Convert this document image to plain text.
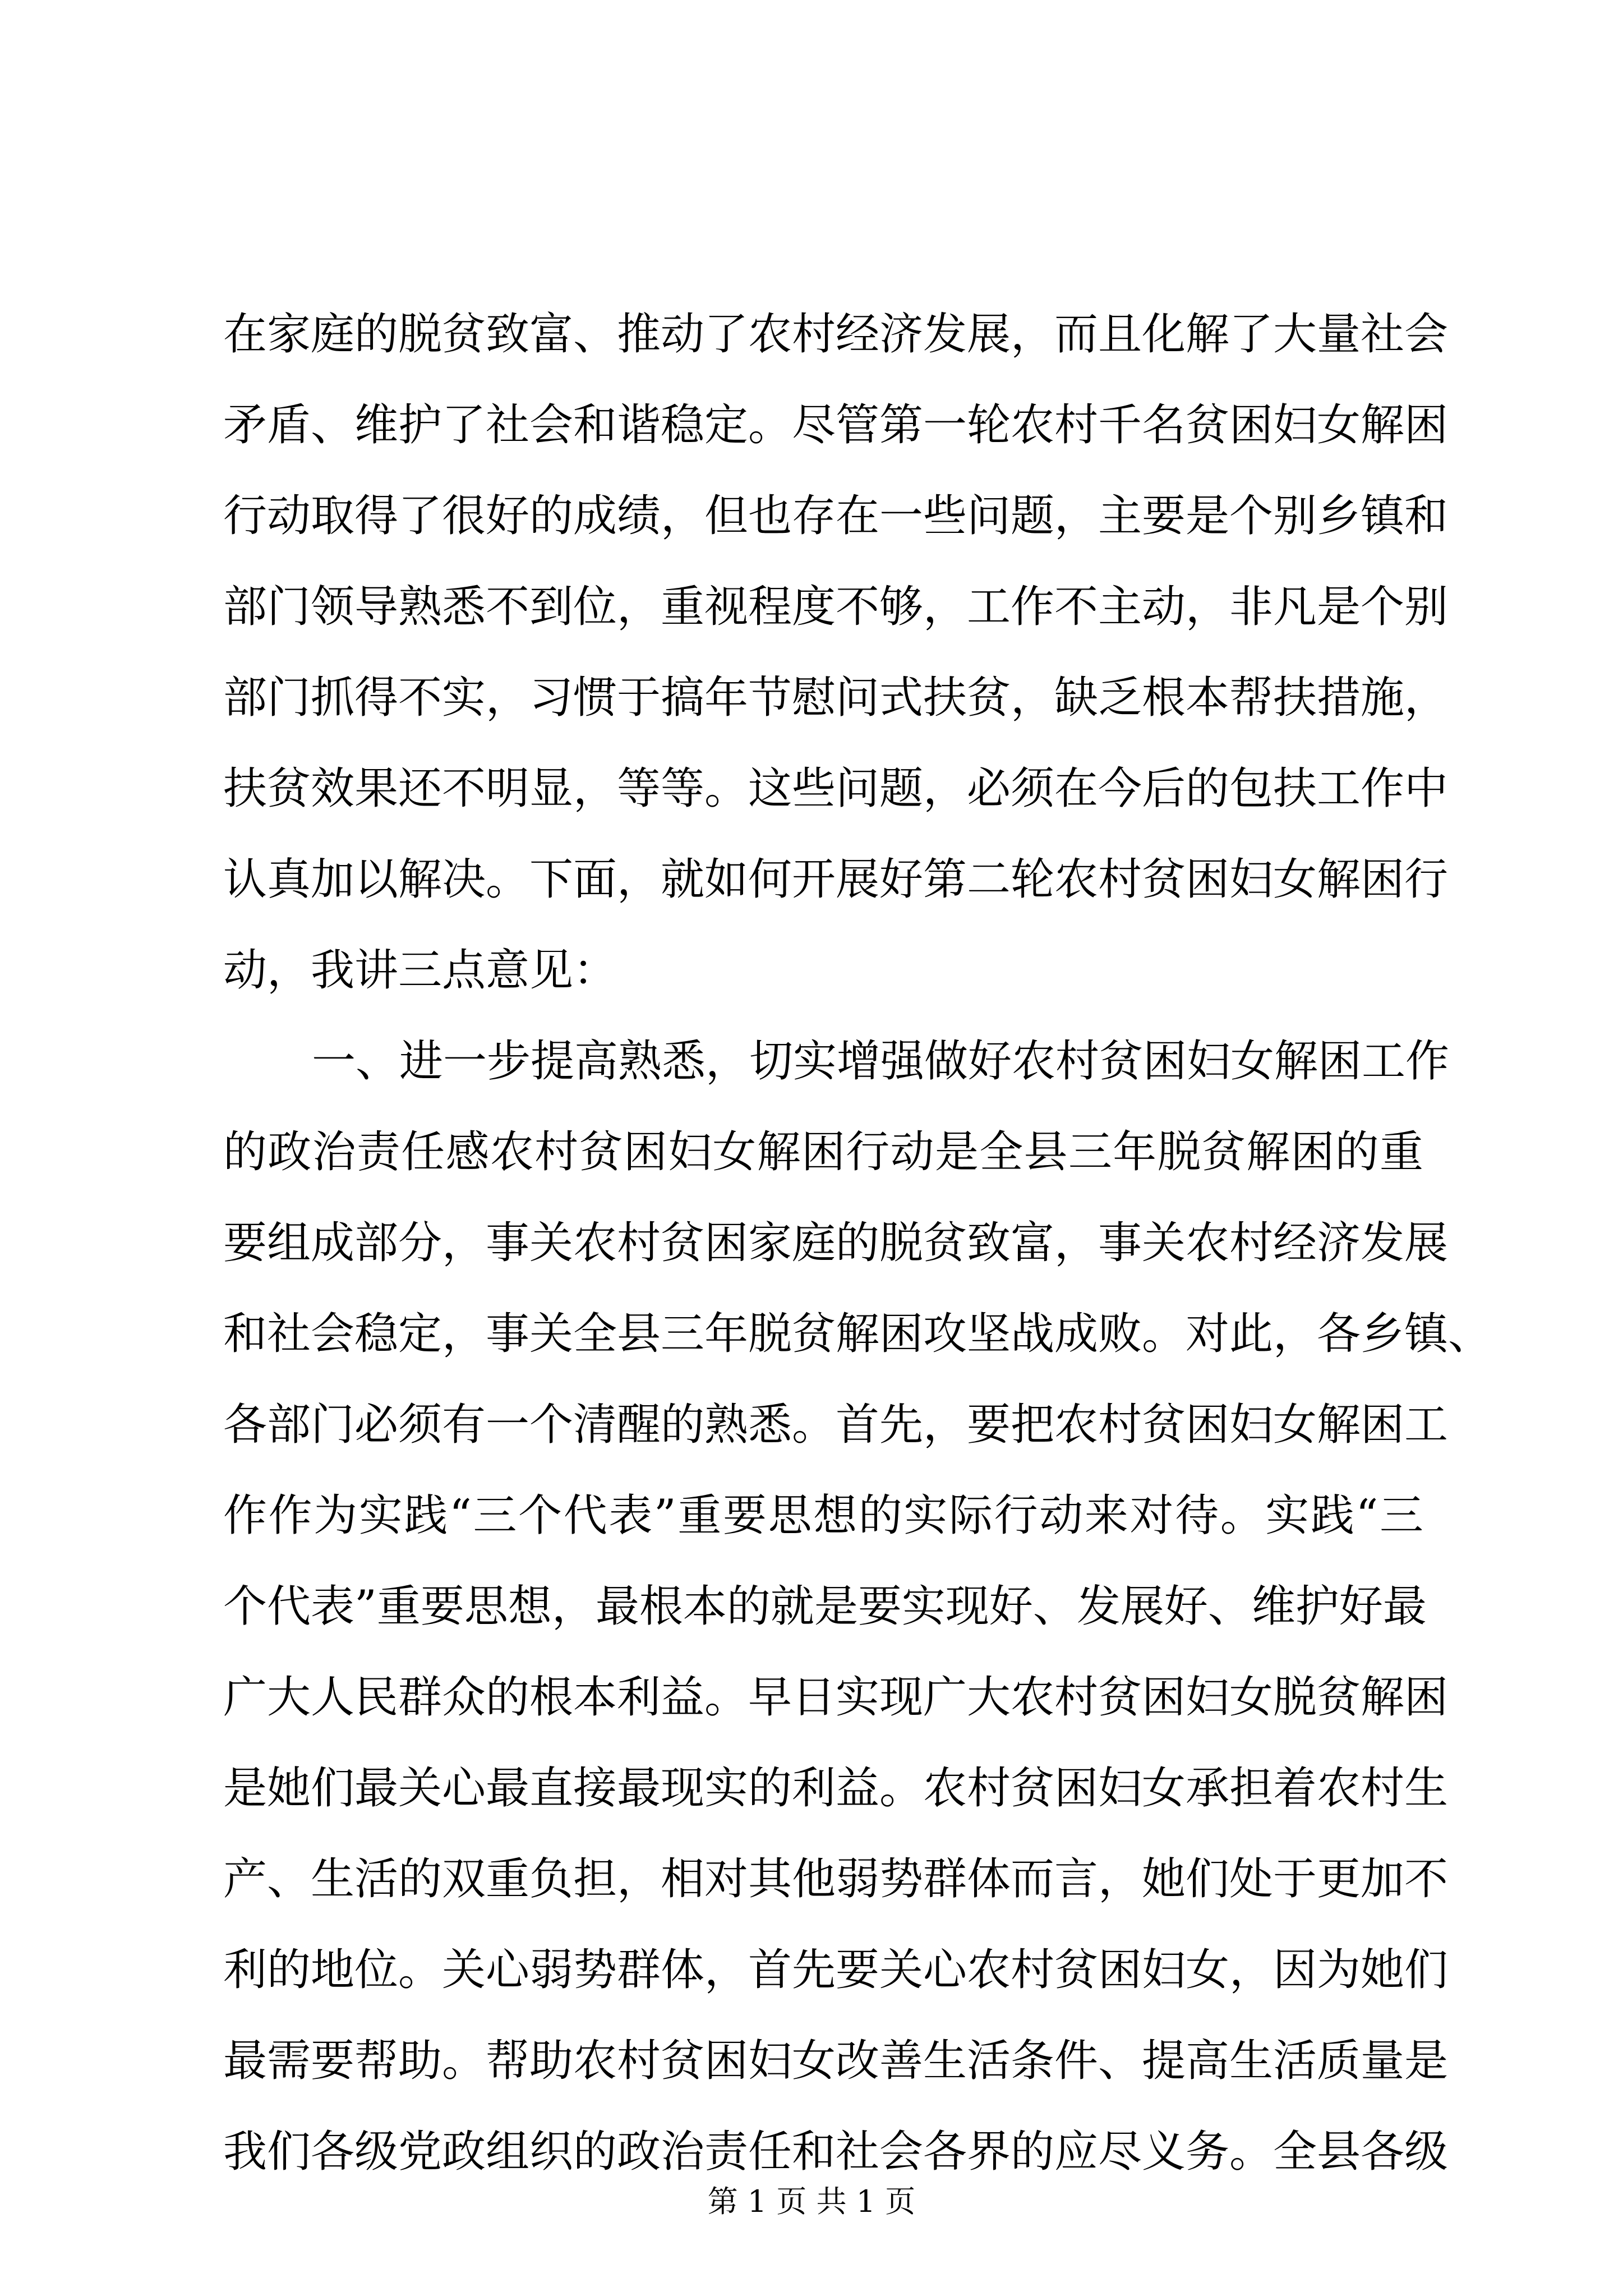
在家庭的脱贫致富、推动了农村经济发展，而且化解了大量社会
矛盾、维护了社会和谐稳定。尽管第一轮农村千名贫困妇女解困
行动取得了很好的成绩，但也存在一些问题，主要是个别乡镇和
部门领导熟悉不到位，重视程度不够，工作不主动，非凡是个别
部门抓得不实，习惯于搞年节慰问式扶贫，缺乏根本帮扶措施，
扶贫效果还不明显，等等。这些问题，必须在今后的包扶工作中
认真加以解决。下面，就如何开展好第二轮农村贫困妇女解困行
动，我讲三点意见：
一、进一步提高熟悉，切实增强做好农村贫困妇女解困工作
的政治责任感农村贫困妇女解困行动是全县三年脱贫解困的重
要组成部分，事关农村贫困家庭的脱贫致富，事关农村经济发展
和社会稳定，事关全县三年脱贫解困攻坚战成败。对此，各乡镇、
各部门必须有一个清醒的熟悉。首先，要把农村贫困妇女解困工
作作为实践“三个代表”重要思想的实际行动来对待。实践“三
个代表”重要思想，最根本的就是要实现好、发展好、维护好最
广大人民群众的根本利益。早日实现广大农村贫困妇女脱贫解困
是她们最关心最直接最现实的利益。农村贫困妇女承担着农村生
产、生活的双重负担，相对其他弱势群体而言，她们处于更加不
利的地位。关心弱势群体，首先要关心农村贫困妇女，因为她们
最需要帮助。帮助农村贫困妇女改善生活条件、提高生活质量是
我们各级党政组织的政治责任和社会各界的应尽义务。全县各级
第 1 页 共 1 页
